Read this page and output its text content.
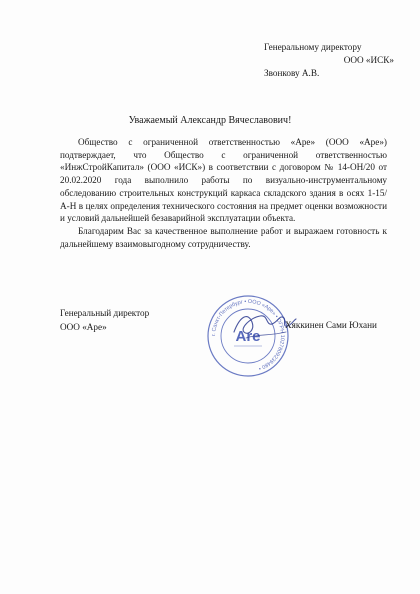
Генеральному директору
ООО «ИСК»
Звонкову А.В.
Уважаемый Александр Вячеславович!

Общество с ограниченной ответственностью «Аре» (ООО «Аре») подтверждает, что Общество с ограниченной ответственностью «ИнжСтройКапитал» (ООО «ИСК») в соответствии с договором № 14-ОН/20 от 20.02.2020 года выполнило работы по визуально-инструментальному обследованию строительных конструкций каркаса складского здания в осях 1-15/А-Н в целях определения технического состояния на предмет оценки возможности и условий дальнейшей безаварийной эксплуатации объекта.

Благодарим Вас за качественное выполнение работ и выражаем готовность к дальнейшему взаимовыгодному сотрудничеству.

Генеральный директор
ООО «Аре»
г. Санкт-Петербург • ООО «Аре» • ОГРН 1027809239480 •
Are
Хяккинен Сами Юхани
